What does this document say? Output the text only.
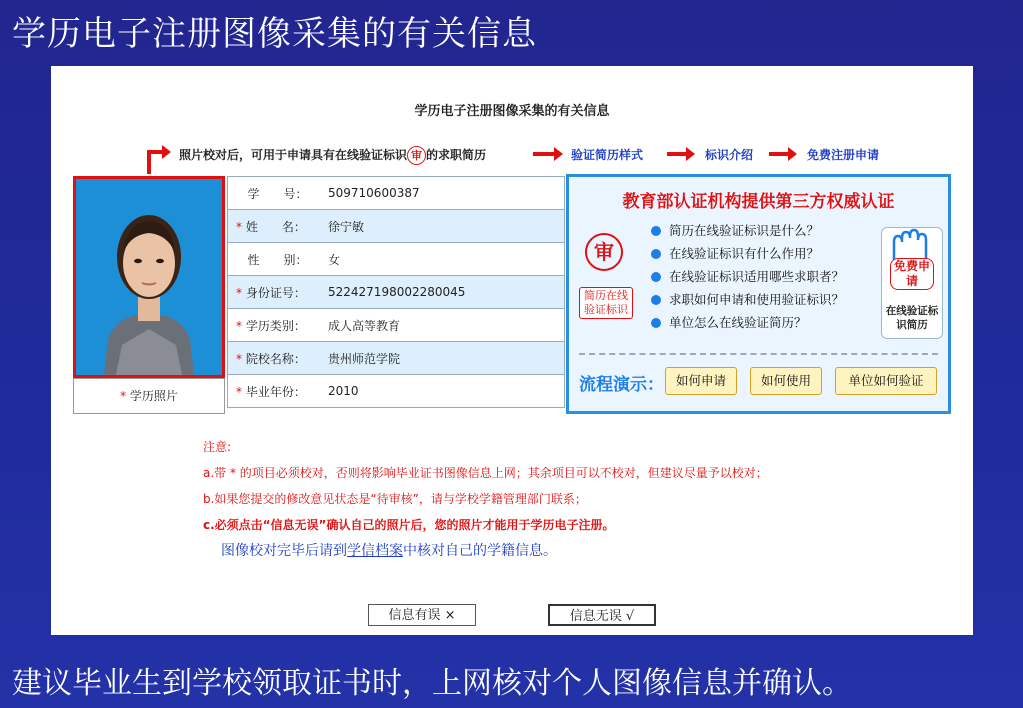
学历电子注册图像采集的有关信息
学历电子注册图像采集的有关信息
照片校对后，可用于申请具有在线验证标识 审 的求职简历	验证简历样式	标识介绍	免费注册申请
* 学历照片
学　　号：	509710600387
* 姓　　名：	徐宁敏
性　　别：	女
* 身份证号：	522427198002280045
* 学历类别：	成人高等教育
* 院校名称：	贵州师范学院
* 毕业年份：	2010
教育部认证机构提供第三方权威认证
审
简历在线验证标识
简历在线验证标识是什么？
在线验证标识有什么作用？
在线验证标识适用哪些求职者？
求职如何申请和使用验证标识？
单位怎么在线验证简历？
免费申请
在线验证标识简历
流程演示： 如何申请	如何使用	单位如何验证
注意:
a.带 * 的项目必须校对，否则将影响毕业证书图像信息上网；其余项目可以不校对，但建议尽量予以校对；
b.如果您提交的修改意见状态是“待审核”，请与学校学籍管理部门联系；
c.必须点击“信息无误”确认自己的照片后，您的照片才能用于学历电子注册。
图像校对完毕后请到学信档案中核对自己的学籍信息。
信息有误 ×	信息无误 √
建议毕业生到学校领取证书时，上网核对个人图像信息并确认。
